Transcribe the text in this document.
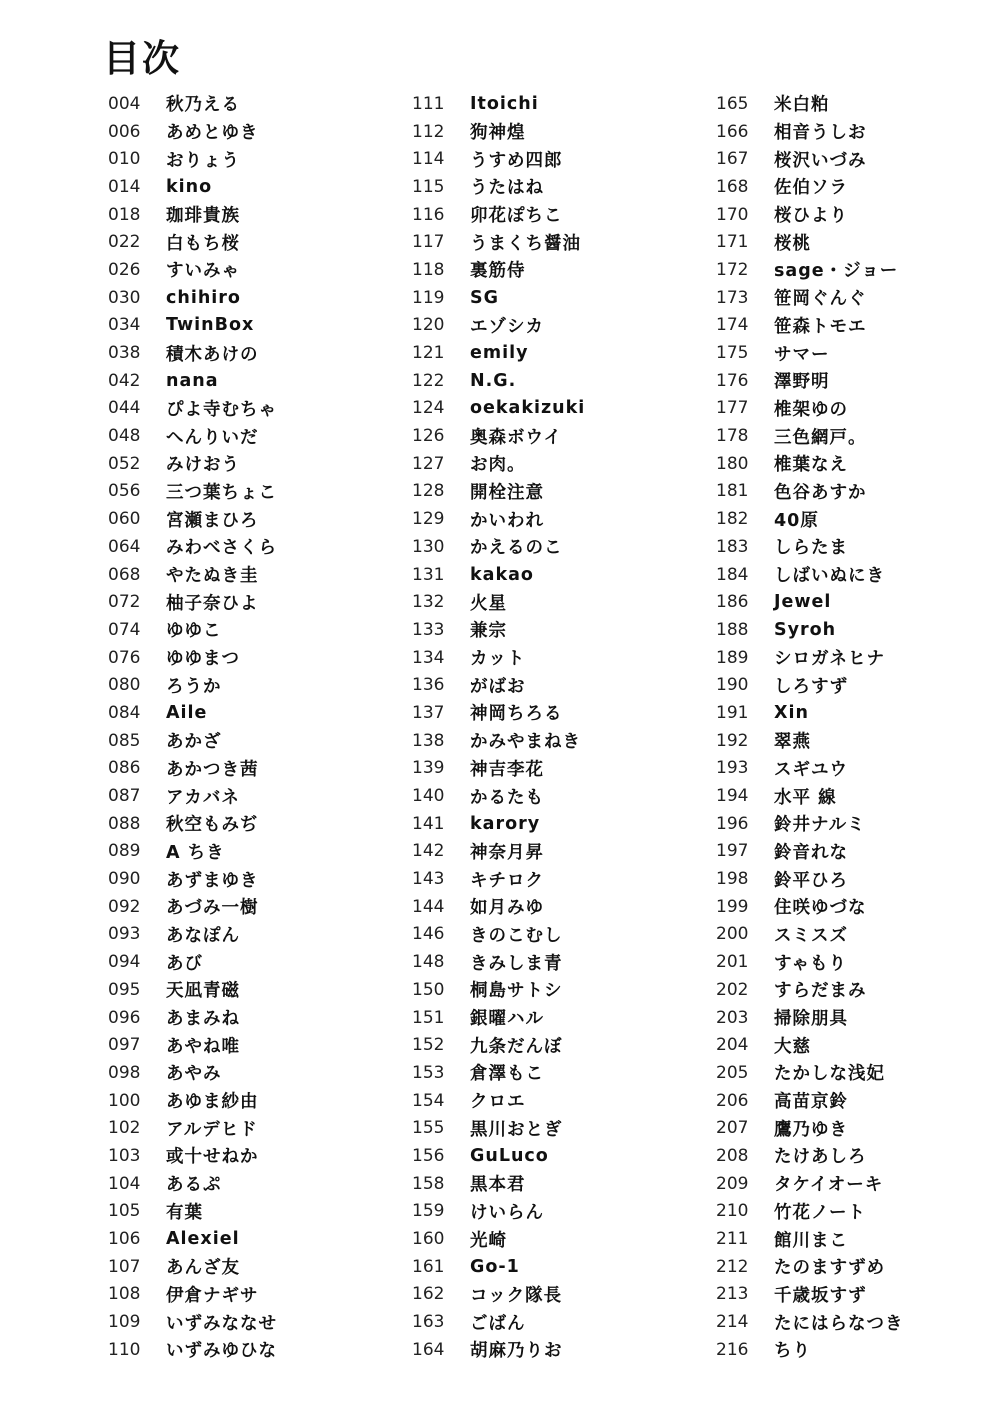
目次
004	秋乃える
006	あめとゆき
010	おりょう
014	kino
018	珈琲貴族
022	白もち桜
026	すいみゃ
030	chihiro
034	TwinBox
038	積木あけの
042	nana
044	ぴよ寺むちゃ
048	へんりいだ
052	みけおう
056	三つ葉ちょこ
060	宮瀬まひろ
064	みわべさくら
068	やたぬき圭
072	柚子奈ひよ
074	ゆゆこ
076	ゆゆまつ
080	ろうか
084	Aile
085	あかざ
086	あかつき茜
087	アカバネ
088	秋空もみぢ
089	A ちき
090	あずまゆき
092	あづみ一樹
093	あなぽん
094	あび
095	天凪青磁
096	あまみね
097	あやね唯
098	あやみ
100	あゆま紗由
102	アルデヒド
103	或十せねか
104	あるぷ
105	有葉
106	Alexiel
107	あんざ友
108	伊倉ナギサ
109	いずみななせ
110	いずみゆひな
111	Itoichi
112	狗神煌
114	うすめ四郎
115	うたはね
116	卯花ぽちこ
117	うまくち醤油
118	裏筋侍
119	SG
120	エゾシカ
121	emily
122	N.G.
124	oekakizuki
126	奥森ボウイ
127	お肉。
128	開栓注意
129	かいわれ
130	かえるのこ
131	kakao
132	火星
133	兼宗
134	カット
136	がばお
137	神岡ちろる
138	かみやまねき
139	神吉李花
140	かるたも
141	karory
142	神奈月昇
143	キチロク
144	如月みゆ
146	きのこむし
148	きみしま青
150	桐島サトシ
151	銀曜ハル
152	九条だんぼ
153	倉澤もこ
154	クロエ
155	黒川おとぎ
156	GuLuco
158	黒本君
159	けいらん
160	光崎
161	Go-1
162	コック隊長
163	ごばん
164	胡麻乃りお
165	米白粕
166	相音うしお
167	桜沢いづみ
168	佐伯ソラ
170	桜ひより
171	桜桃
172	sage・ジョー
173	笹岡ぐんぐ
174	笹森トモエ
175	サマー
176	澤野明
177	椎架ゆの
178	三色網戸。
180	椎葉なえ
181	色谷あすか
182	40原
183	しらたま
184	しばいぬにき
186	Jewel
188	Syroh
189	シロガネヒナ
190	しろすず
191	Xin
192	翠燕
193	スギユウ
194	水平 線
196	鈴井ナルミ
197	鈴音れな
198	鈴平ひろ
199	住咲ゆづな
200	スミスズ
201	すゃもり
202	すらだまみ
203	掃除朋具
204	大慈
205	たかしな浅妃
206	高苗京鈴
207	鷹乃ゆき
208	たけあしろ
209	タケイオーキ
210	竹花ノート
211	館川まこ
212	たのますずめ
213	千歳坂すず
214	たにはらなつき
216	ちり
